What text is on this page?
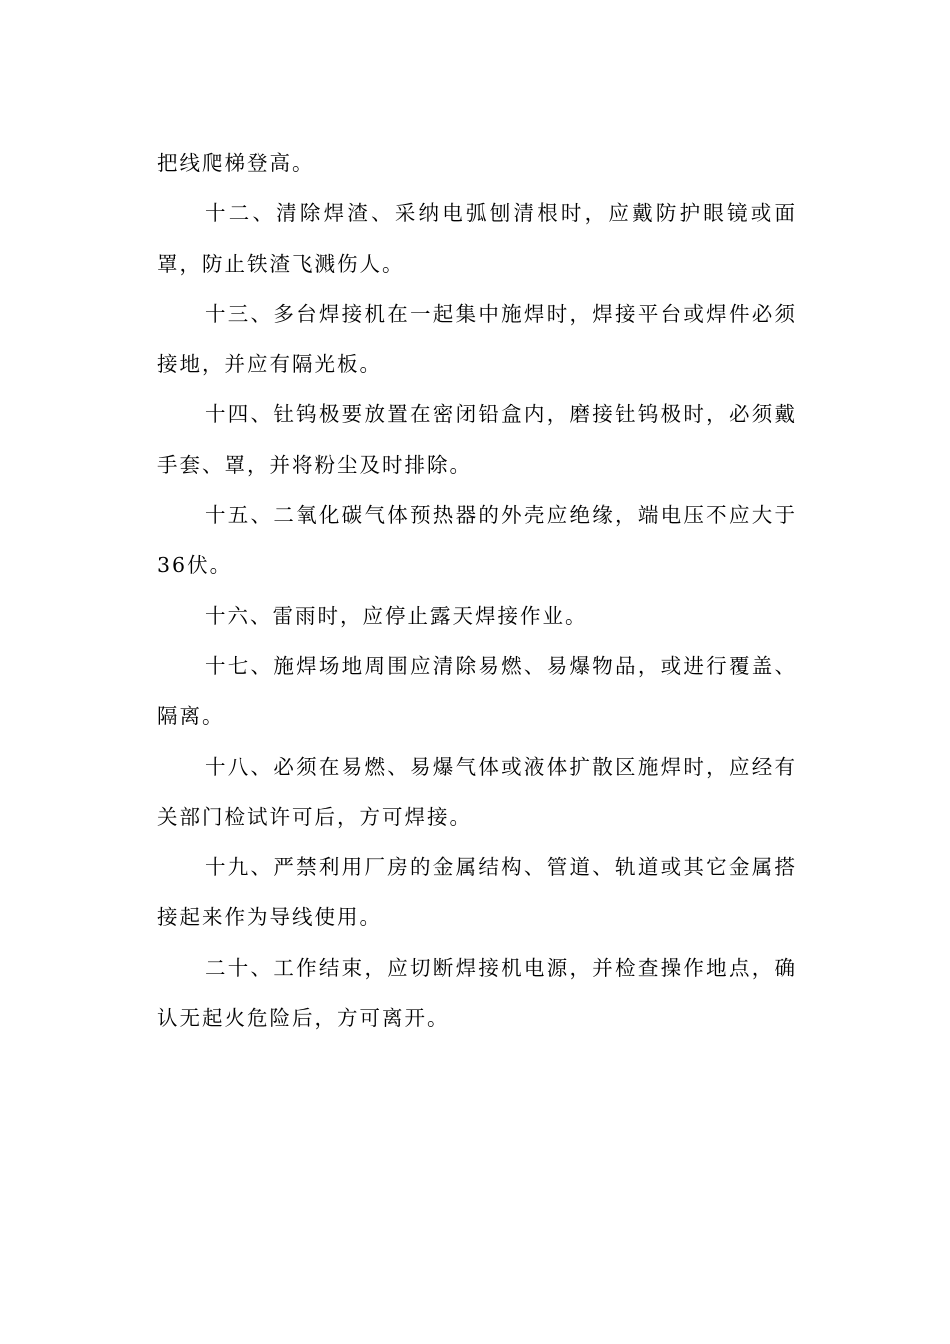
把线爬梯登高。

十二、清除焊渣、采纳电弧刨清根时，应戴防护眼镜或面罩，防止铁渣飞溅伤人。

十三、多台焊接机在一起集中施焊时，焊接平台或焊件必须接地，并应有隔光板。

十四、钍钨极要放置在密闭铅盒内，磨接钍钨极时，必须戴手套、罩，并将粉尘及时排除。

十五、二氧化碳气体预热器的外壳应绝缘，端电压不应大于36伏。

十六、雷雨时，应停止露天焊接作业。

十七、施焊场地周围应清除易燃、易爆物品，或进行覆盖、隔离。

十八、必须在易燃、易爆气体或液体扩散区施焊时，应经有关部门检试许可后，方可焊接。

十九、严禁利用厂房的金属结构、管道、轨道或其它金属搭接起来作为导线使用。

二十、工作结束，应切断焊接机电源，并检查操作地点，确认无起火危险后，方可离开。
